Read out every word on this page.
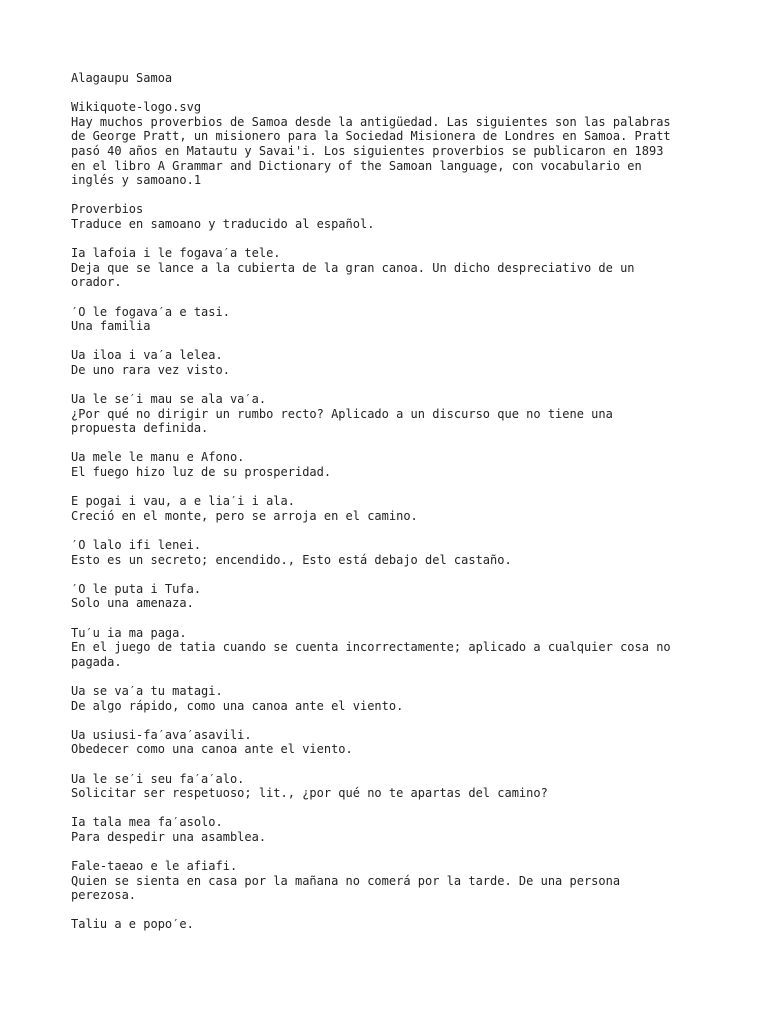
Alagaupu Samoa
Wikiquote-logo.svg
Hay muchos proverbios de Samoa desde la antigüedad. Las siguientes son las palabras
de George Pratt, un misionero para la Sociedad Misionera de Londres en Samoa. Pratt
pasó 40 años en Matautu y Savai'i. Los siguientes proverbios se publicaron en 1893
en el libro A Grammar and Dictionary of the Samoan language, con vocabulario en
inglés y samoano.1
Proverbios
Traduce en samoano y traducido al español.
Ia lafoia i le fogava′a tele.
Deja que se lance a la cubierta de la gran canoa. Un dicho despreciativo de un
orador.
′O le fogava′a e tasi.
Una familia
Ua iloa i va′a lelea.
De uno rara vez visto.
Ua le se′i mau se ala va′a.
¿Por qué no dirigir un rumbo recto? Aplicado a un discurso que no tiene una
propuesta definida.
Ua mele le manu e Afono.
El fuego hizo luz de su prosperidad.
E pogai i vau, a e lia′i i ala.
Creció en el monte, pero se arroja en el camino.
′O lalo ifi lenei.
Esto es un secreto; encendido., Esto está debajo del castaño.
′O le puta i Tufa.
Solo una amenaza.
Tu′u ia ma paga.
En el juego de tatia cuando se cuenta incorrectamente; aplicado a cualquier cosa no
pagada.
Ua se va′a tu matagi.
De algo rápido, como una canoa ante el viento.
Ua usiusi-fa′ava′asavili.
Obedecer como una canoa ante el viento.
Ua le se′i seu fa′a′alo.
Solicitar ser respetuoso; lit., ¿por qué no te apartas del camino?
Ia tala mea fa′asolo.
Para despedir una asamblea.
Fale-taeao e le afiafi.
Quien se sienta en casa por la mañana no comerá por la tarde. De una persona
perezosa.
Taliu a e popo′e.
